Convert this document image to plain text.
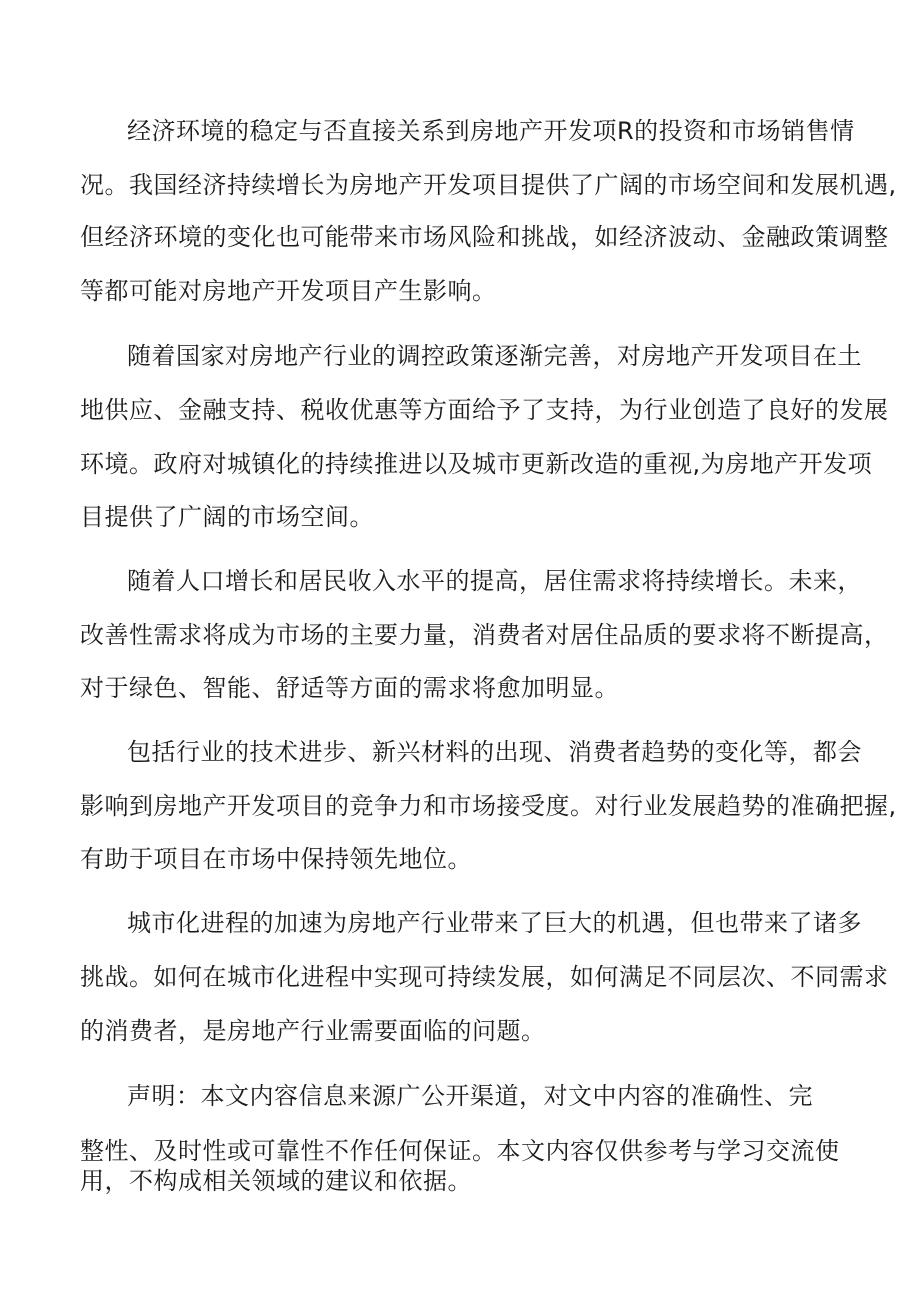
经济环境的稳定与否直接关系到房地产开发项R的投资和市场销售情
况。我国经济持续增长为房地产开发项目提供了广阔的市场空间和发展机遇,
但经济环境的变化也可能带来市场风险和挑战，如经济波动、金融政策调整
等都可能对房地产开发项目产生影响。
随着国家对房地产行业的调控政策逐渐完善，对房地产开发项目在土
地供应、金融支持、税收优惠等方面给予了支持，为行业创造了良好的发展
环境。政府对城镇化的持续推进以及城市更新改造的重视,为房地产开发项
目提供了广阔的市场空间。
随着人口增长和居民收入水平的提高，居住需求将持续增长。未来，
改善性需求将成为市场的主要力量，消费者对居住品质的要求将不断提高，
对于绿色、智能、舒适等方面的需求将愈加明显。
包括行业的技术进步、新兴材料的出现、消费者趋势的变化等，都会
影响到房地产开发项目的竞争力和市场接受度。对行业发展趋势的准确把握,
有助于项目在市场中保持领先地位。
城市化进程的加速为房地产行业带来了巨大的机遇，但也带来了诸多
挑战。如何在城市化进程中实现可持续发展，如何满足不同层次、不同需求
的消费者，是房地产行业需要面临的问题。
声明：本文内容信息来源广公开渠道，对文中内容的准确性、完
整性、及时性或可靠性不作任何保证。本文内容仅供参考与学习交流使
用，不构成相关领域的建议和依据。
